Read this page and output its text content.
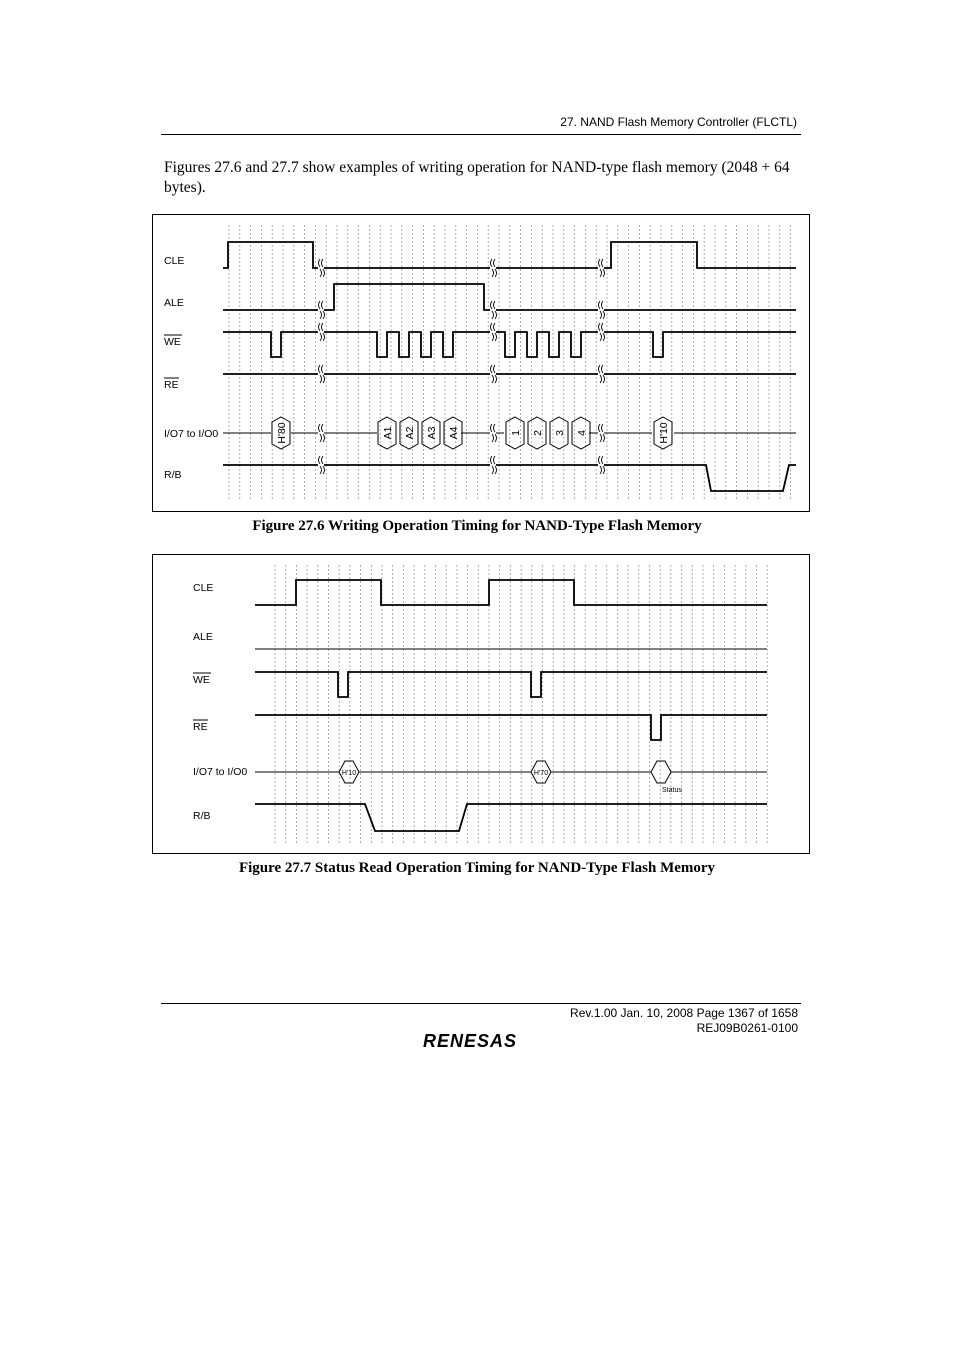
27. NAND Flash Memory Controller (FLCTL)
Figures 27.6 and 27.7 show examples of writing operation for NAND-type flash memory (2048 + 64 bytes).
CLE
ALE
WE
RE
I/O7 to I/O0
R/B
H'80	A1 A2 A3 A4	1 2 3 4	H'10
Figure 27.6 Writing Operation Timing for NAND-Type Flash Memory
CLE
ALE
WE
RE
I/O7 to I/O0
R/B
H'10	H'70
Status
Figure 27.7 Status Read Operation Timing for NAND-Type Flash Memory
Rev.1.00 Jan. 10, 2008 Page 1367 of 1658
REJ09B0261-0100
RENESAS
